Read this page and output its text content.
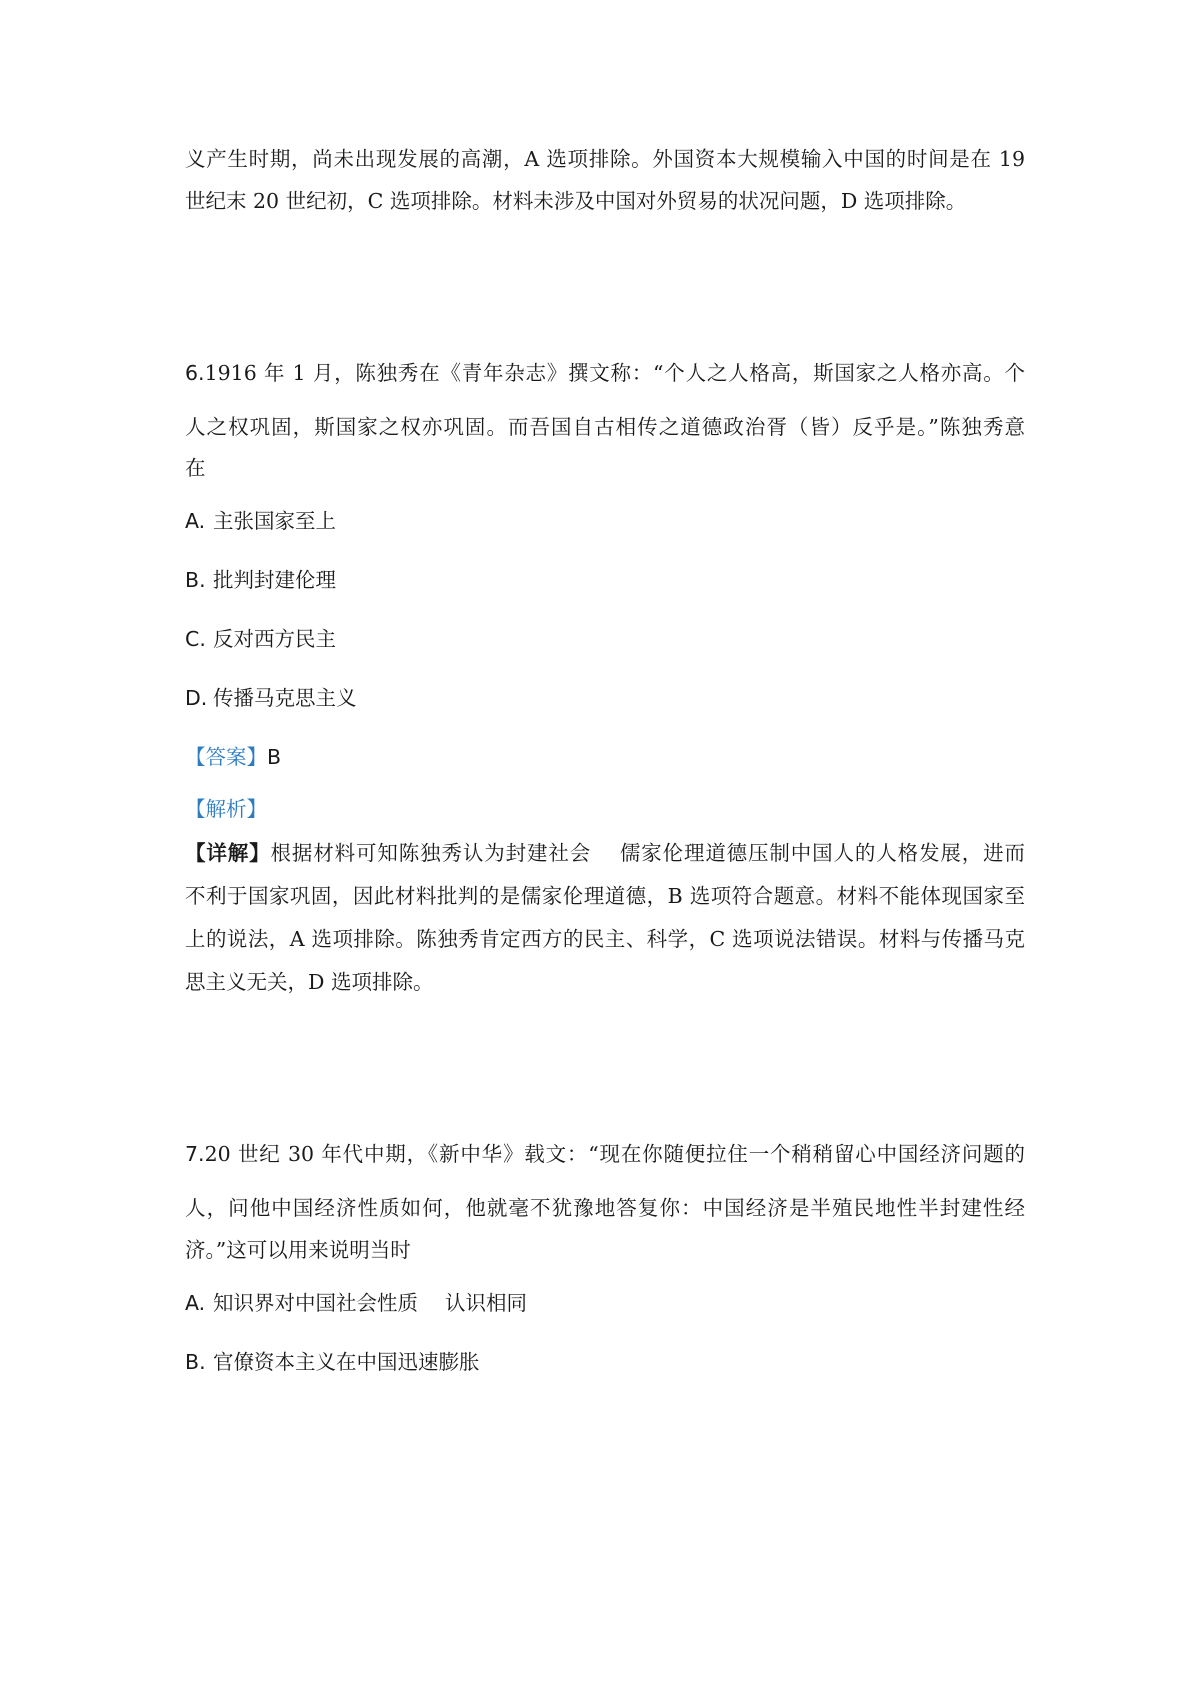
义产生时期，尚未出现发展的高潮，A 选项排除。外国资本大规模输入中国的时间是在 19
世纪末 20 世纪初，C 选项排除。材料未涉及中国对外贸易的状况问题，D 选项排除。
6.1916 年 1 月，陈独秀在《青年杂志》撰文称：“个人之人格高，斯国家之人格亦高。个
人之权巩固，斯国家之权亦巩固。而吾国自古相传之道德政治胥（皆）反乎是。”陈独秀意
在
A. 主张国家至上
B. 批判封建伦理
C. 反对西方民主
D. 传播马克思主义
【答案】B
【解析】
【详解】根据材料可知陈独秀认为封建社会　 儒家伦理道德压制中国人的人格发展，进而
不利于国家巩固，因此材料批判的是儒家伦理道德，B 选项符合题意。材料不能体现国家至
上的说法，A 选项排除。陈独秀肯定西方的民主、科学，C 选项说法错误。材料与传播马克
思主义无关，D 选项排除。
7.20 世纪 30 年代中期，《新中华》载文：“现在你随便拉住一个稍稍留心中国经济问题的
人，问他中国经济性质如何，他就毫不犹豫地答复你：中国经济是半殖民地性半封建性经
济。”这可以用来说明当时
A. 知识界对中国社会性质　 认识相同
B. 官僚资本主义在中国迅速膨胀
